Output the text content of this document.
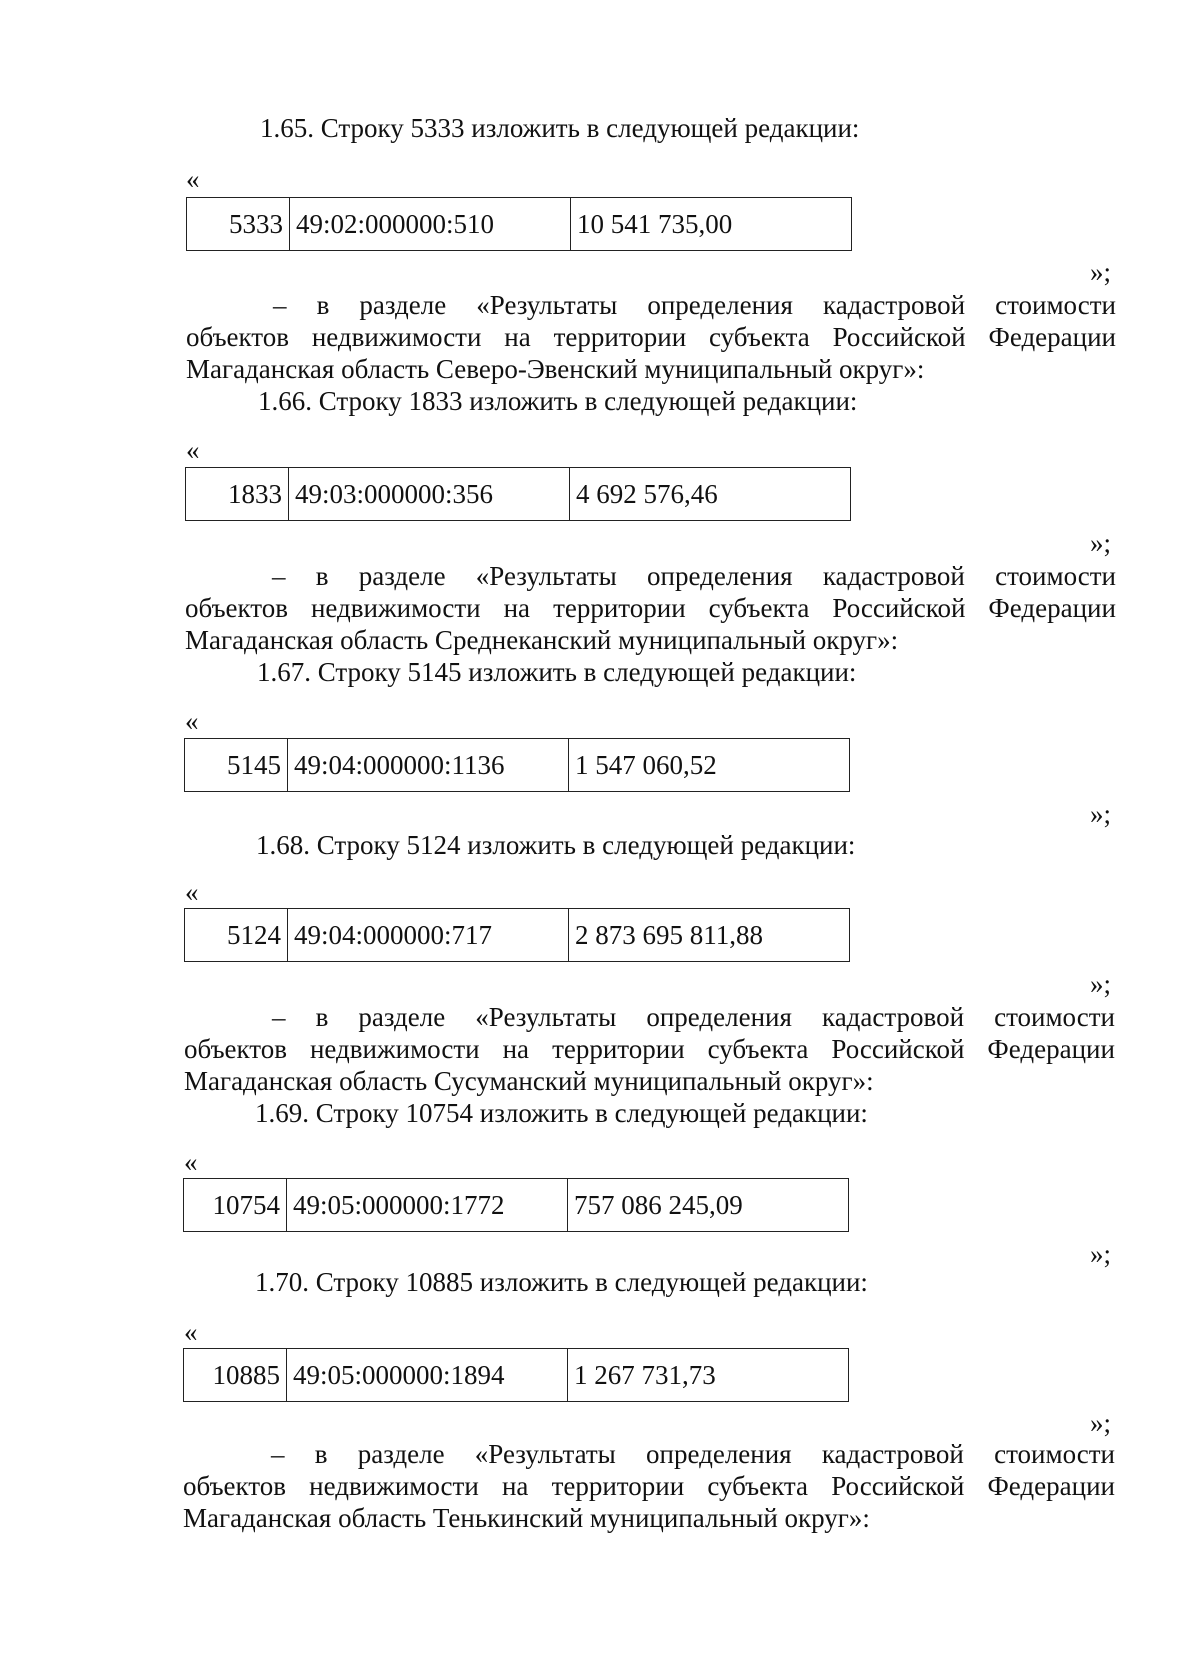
1.65. Строку 5333 изложить в следующей редакции:
«
5333	49:02:000000:510	10 541 735,00
»;
– в разделе «Результаты определения кадастровой стоимости
объектов недвижимости на территории субъекта Российской Федерации
Магаданская область Северо-Эвенский муниципальный округ»:
1.66. Строку 1833 изложить в следующей редакции:
«
1833	49:03:000000:356	4 692 576,46
»;
– в разделе «Результаты определения кадастровой стоимости
объектов недвижимости на территории субъекта Российской Федерации
Магаданская область Среднеканский муниципальный округ»:
1.67. Строку 5145 изложить в следующей редакции:
«
5145	49:04:000000:1136	1 547 060,52
»;
1.68. Строку 5124 изложить в следующей редакции:
«
5124	49:04:000000:717	2 873 695 811,88
»;
– в разделе «Результаты определения кадастровой стоимости
объектов недвижимости на территории субъекта Российской Федерации
Магаданская область Сусуманский муниципальный округ»:
1.69. Строку 10754 изложить в следующей редакции:
«
10754	49:05:000000:1772	757 086 245,09
»;
1.70. Строку 10885 изложить в следующей редакции:
«
10885	49:05:000000:1894	1 267 731,73
»;
– в разделе «Результаты определения кадастровой стоимости
объектов недвижимости на территории субъекта Российской Федерации
Магаданская область Тенькинский муниципальный округ»:
